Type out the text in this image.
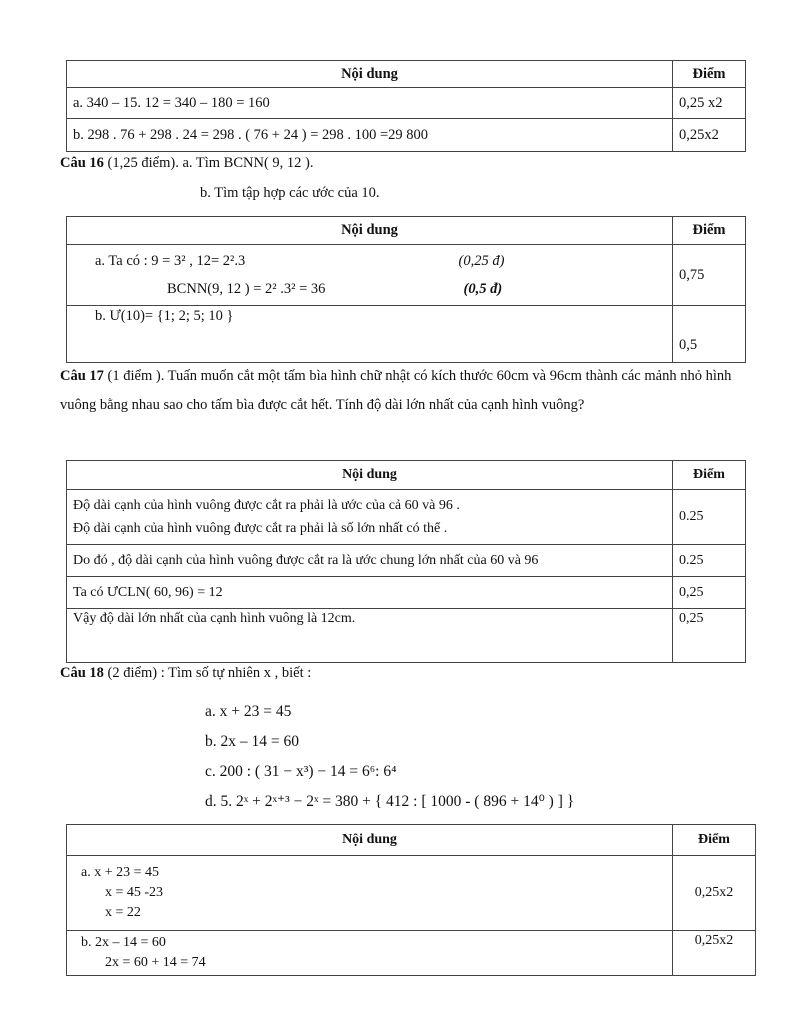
Nội dung	Điểm
a. 340 – 15. 12 = 340 – 180 = 160	0,25 x2
b. 298 . 76 + 298 . 24 = 298 . ( 76 + 24 ) = 298 . 100 =29 800	0,25x2
Câu 16 (1,25 điểm). a. Tìm BCNN( 9, 12 ).
b. Tìm tập hợp các ước của 10.
Nội dung	Điểm

a. Ta có : 9 = 3² , 12= 2².3 (0,25 đ)
BCNN(9, 12 ) = 2² .3² = 36 (0,5 đ)	0,75
b. Ư(10)= {1; 2; 5; 10 }	0,5
Câu 17 (1 điểm ). Tuấn muốn cắt một tấm bìa hình chữ nhật có kích thước 60cm và 96cm thành các mảnh nhỏ hình vuông bằng nhau sao cho tấm bìa được cắt hết. Tính độ dài lớn nhất của cạnh hình vuông?
Nội dung	Điểm

Độ dài cạnh của hình vuông được cắt ra phải là ước của cả 60 và 96 .
Độ dài cạnh của hình vuông được cắt ra phải là số lớn nhất có thể .	0.25
Do đó , độ dài cạnh của hình vuông được cắt ra là ước chung lớn nhất của 60 và 96	0.25
Ta có ƯCLN( 60, 96) = 12	0,25
Vậy độ dài lớn nhất của cạnh hình vuông là 12cm.	0,25
Câu 18 (2 điểm) : Tìm số tự nhiên x , biết :
a. x + 23 = 45
b. 2x – 14 = 60
c. 200 : ( 31 − x³) − 14 = 6⁶: 6⁴
d. 5. 2ˣ + 2ˣ⁺³ − 2ˣ = 380 + { 412 : [ 1000 - ( 896 + 14⁰ ) ] }
Nội dung	Điểm

a. x + 23 = 45
x = 45 -23
x = 22	0,25x2

b. 2x – 14 = 60
2x = 60 + 14 = 74	0,25x2
